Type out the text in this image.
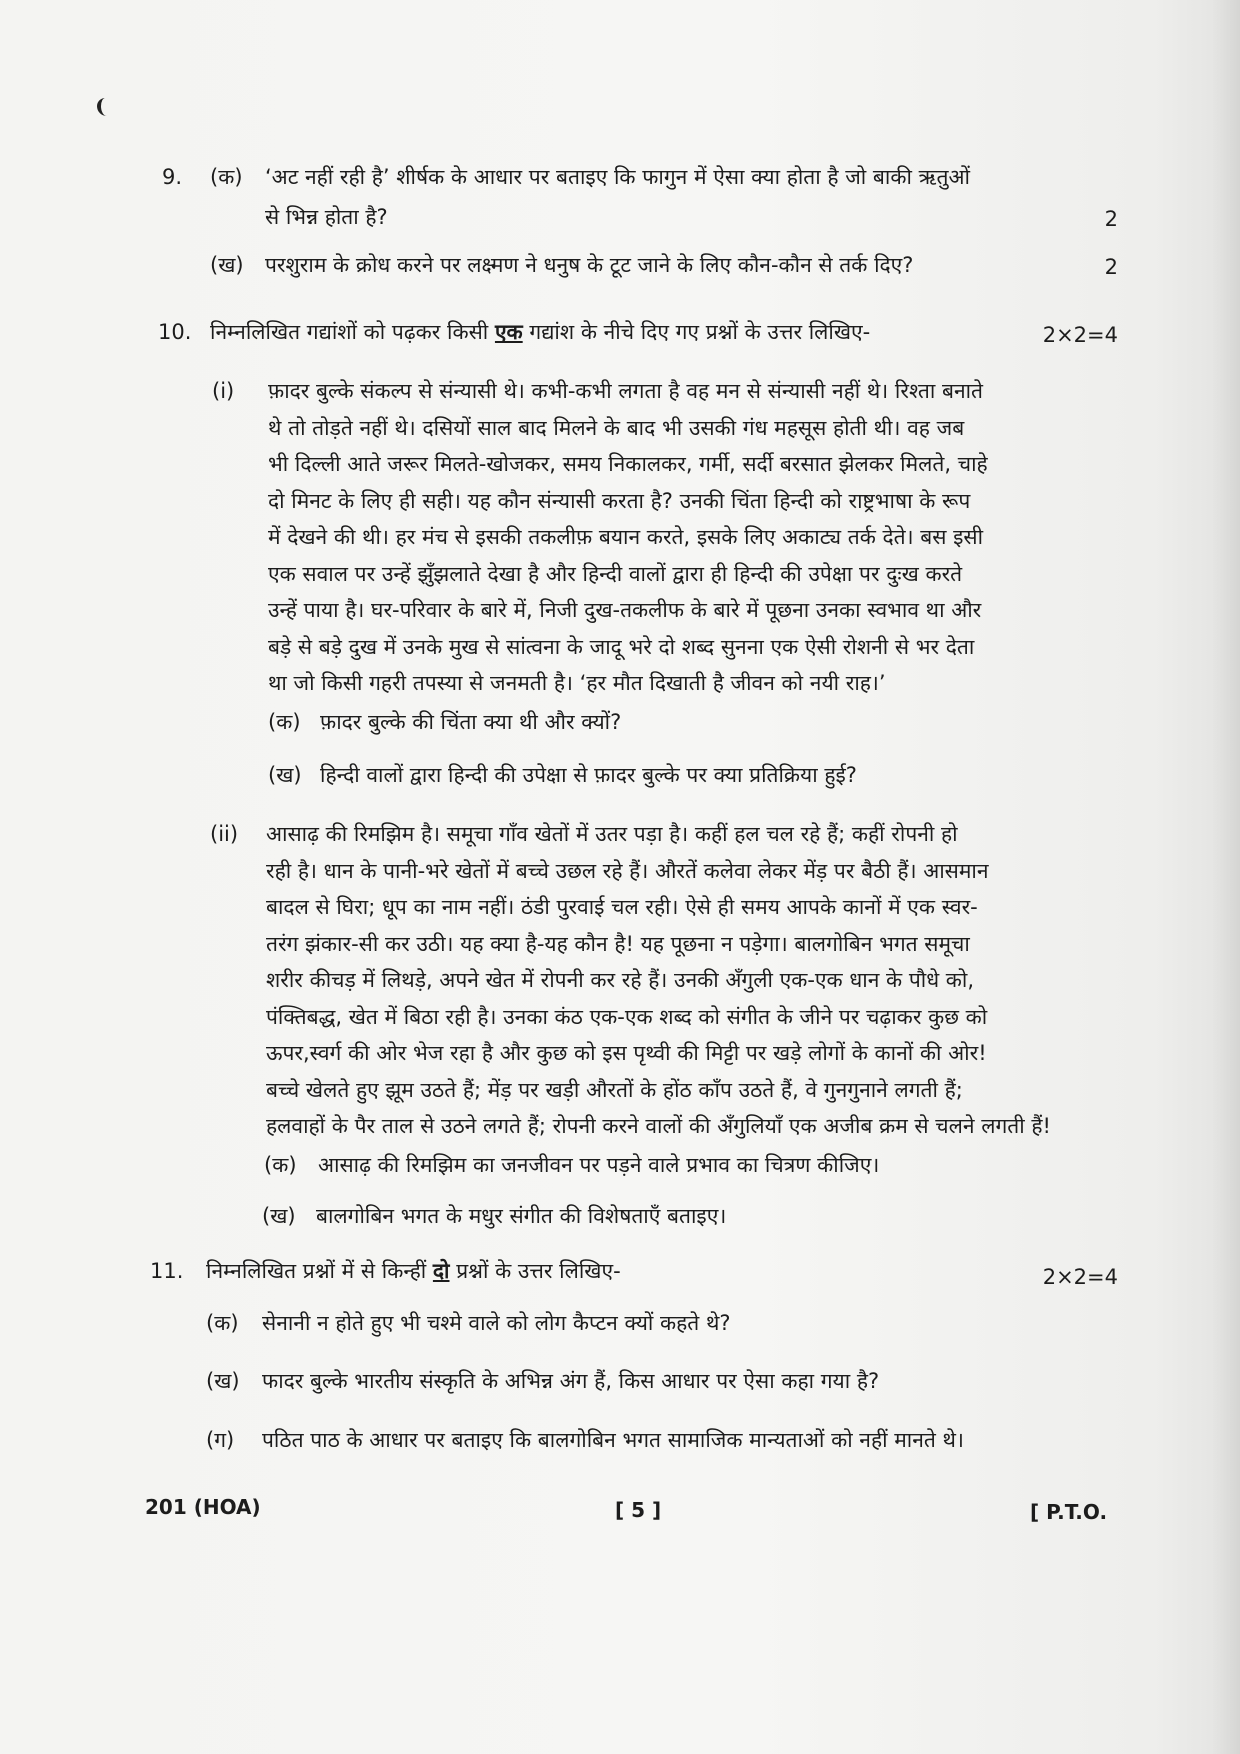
9. (क) ‘अट नहीं रही है’ शीर्षक के आधार पर बताइए कि फागुन में ऐसा क्या होता है जो बाकी ऋतुओं
से भिन्न होता है?	2
(ख) परशुराम के क्रोध करने पर लक्ष्मण ने धनुष के टूट जाने के लिए कौन-कौन से तर्क दिए?	2
10. निम्नलिखित गद्यांशों को पढ़कर किसी एक गद्यांश के नीचे दिए गए प्रश्नों के उत्तर लिखिए-	2×2=4
(i) फ़ादर बुल्के संकल्प से संन्यासी थे। कभी-कभी लगता है वह मन से संन्यासी नहीं थे। रिश्ता बनाते
थे तो तोड़ते नहीं थे। दसियों साल बाद मिलने के बाद भी उसकी गंध महसूस होती थी। वह जब
भी दिल्ली आते जरूर मिलते-खोजकर, समय निकालकर, गर्मी, सर्दी बरसात झेलकर मिलते, चाहे
दो मिनट के लिए ही सही। यह कौन संन्यासी करता है? उनकी चिंता हिन्दी को राष्ट्रभाषा के रूप
में देखने की थी। हर मंच से इसकी तकलीफ़ बयान करते, इसके लिए अकाट्य तर्क देते। बस इसी
एक सवाल पर उन्हें झुँझलाते देखा है और हिन्दी वालों द्वारा ही हिन्दी की उपेक्षा पर दुःख करते
उन्हें पाया है। घर-परिवार के बारे में, निजी दुख-तकलीफ के बारे में पूछना उनका स्वभाव था और
बड़े से बड़े दुख में उनके मुख से सांत्वना के जादू भरे दो शब्द सुनना एक ऐसी रोशनी से भर देता
था जो किसी गहरी तपस्या से जनमती है। ‘हर मौत दिखाती है जीवन को नयी राह।’
(क) फ़ादर बुल्के की चिंता क्या थी और क्यों?
(ख) हिन्दी वालों द्वारा हिन्दी की उपेक्षा से फ़ादर बुल्के पर क्या प्रतिक्रिया हुई?
(ii) आसाढ़ की रिमझिम है। समूचा गाँव खेतों में उतर पड़ा है। कहीं हल चल रहे हैं; कहीं रोपनी हो
रही है। धान के पानी-भरे खेतों में बच्चे उछल रहे हैं। औरतें कलेवा लेकर मेंड़ पर बैठी हैं। आसमान
बादल से घिरा; धूप का नाम नहीं। ठंडी पुरवाई चल रही। ऐसे ही समय आपके कानों में एक स्वर-
तरंग झंकार-सी कर उठी। यह क्या है-यह कौन है! यह पूछना न पड़ेगा। बालगोबिन भगत समूचा
शरीर कीचड़ में लिथड़े, अपने खेत में रोपनी कर रहे हैं। उनकी अँगुली एक-एक धान के पौधे को,
पंक्तिबद्ध, खेत में बिठा रही है। उनका कंठ एक-एक शब्द को संगीत के जीने पर चढ़ाकर कुछ को
ऊपर,स्वर्ग की ओर भेज रहा है और कुछ को इस पृथ्वी की मिट्टी पर खड़े लोगों के कानों की ओर!
बच्चे खेलते हुए झूम उठते हैं; मेंड़ पर खड़ी औरतों के होंठ काँप उठते हैं, वे गुनगुनाने लगती हैं;
हलवाहों के पैर ताल से उठने लगते हैं; रोपनी करने वालों की अँगुलियाँ एक अजीब क्रम से चलने लगती हैं!
(क) आसाढ़ की रिमझिम का जनजीवन पर पड़ने वाले प्रभाव का चित्रण कीजिए।
(ख) बालगोबिन भगत के मधुर संगीत की विशेषताएँ बताइए।
11. निम्नलिखित प्रश्नों में से किन्हीं दो प्रश्नों के उत्तर लिखिए-	2×2=4
(क) सेनानी न होते हुए भी चश्मे वाले को लोग कैप्टन क्यों कहते थे?
(ख) फादर बुल्के भारतीय संस्कृति के अभिन्न अंग हैं, किस आधार पर ऐसा कहा गया है?
(ग) पठित पाठ के आधार पर बताइए कि बालगोबिन भगत सामाजिक मान्यताओं को नहीं मानते थे।
201 (HOA)	[ 5 ]	[ P.T.O.
